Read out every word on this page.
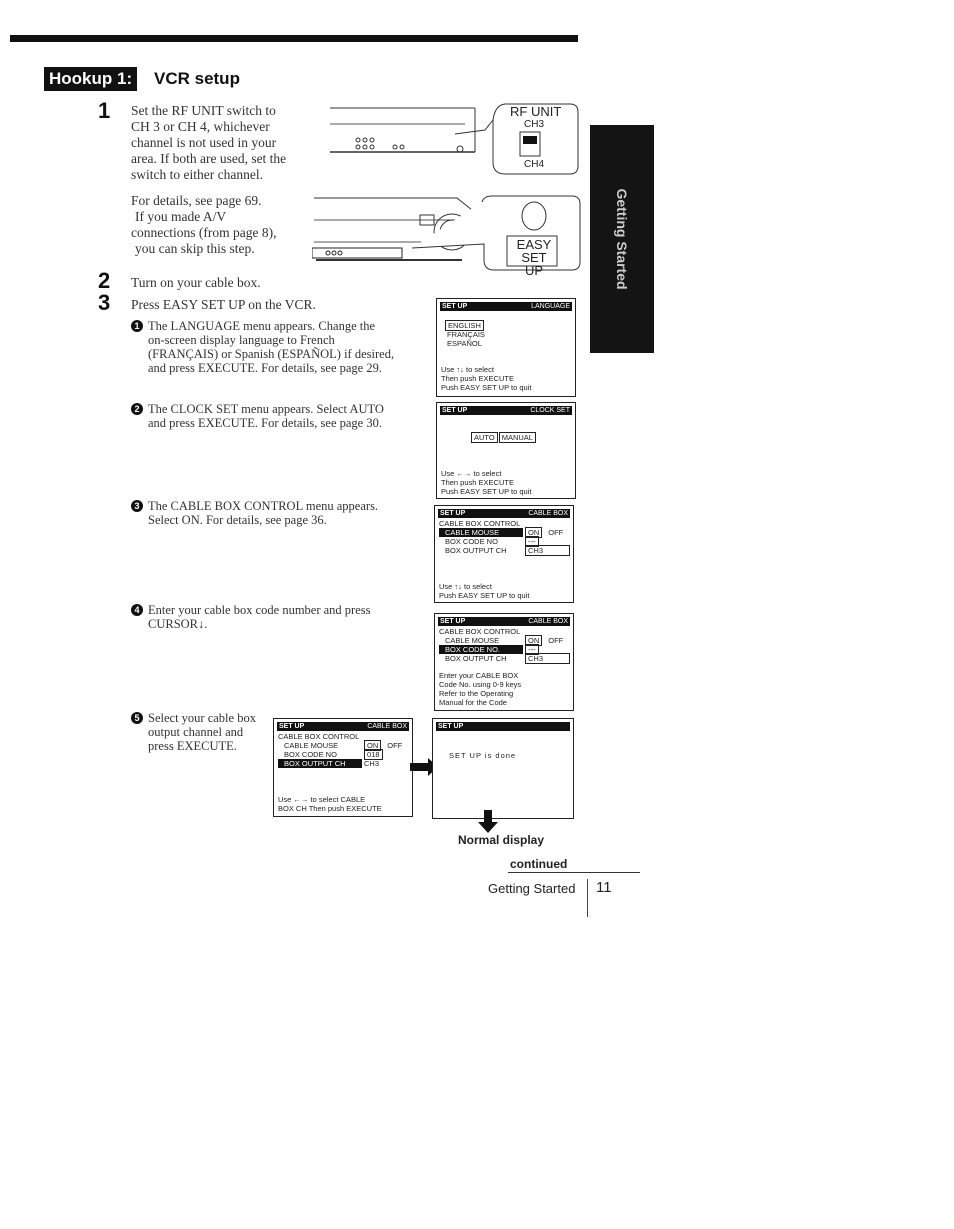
Hookup 1: VCR setup
1 Set the RF UNIT switch to
CH 3 or CH 4, whichever
channel is not used in your
area. If both are used, set the
switch to either channel.
For details, see page 69.
If you made A/V
connections (from page 8),
you can skip this step.
RF UNIT
CH3
CH4
EASY
SET UP
2 Turn on your cable box.
3 Press EASY SET UP on the VCR.
1 The LANGUAGE menu appears. Change the
on-screen display language to French
(FRANÇAIS) or Spanish (ESPAÑOL) if desired,
and press EXECUTE. For details, see page 29.
2 The CLOCK SET menu appears. Select AUTO
and press EXECUTE. For details, see page 30.
3 The CABLE BOX CONTROL menu appears.
Select ON. For details, see page 36.
4 Enter your cable box code number and press
CURSOR↓.
5 Select your cable box
output channel and
press EXECUTE.
Getting Started
SET UP	LANGUAGE
ENGLISH
FRANÇAIS
ESPAÑOL
Use ↑↓ to select
Then push EXECUTE
Push EASY SET UP to quit
SET UP	CLOCK SET
AUTO MANUAL
Use ←→ to select
Then push EXECUTE
Push EASY SET UP to quit
SET UP	CABLE BOX
CABLE BOX CONTROL
CABLE MOUSE	ON OFF
BOX CODE NO	---
BOX OUTPUT CH	CH3
Use ↑↓ to select
Push EASY SET UP to quit
SET UP	CABLE BOX
CABLE BOX CONTROL
CABLE MOUSE	ON OFF
BOX CODE NO.	---
BOX OUTPUT CH	CH3
Enter your CABLE BOX
Code No. using 0-9 keys
Refer to the Operating
Manual for the Code
SET UP	CABLE BOX
CABLE BOX CONTROL
CABLE MOUSE	ON OFF
BOX CODE NO	018
BOX OUTPUT CH	CH3
Use ←→ to select CABLE
BOX CH Then push EXECUTE
SET UP
SET UP is done
Normal display
continued
Getting Started 11
